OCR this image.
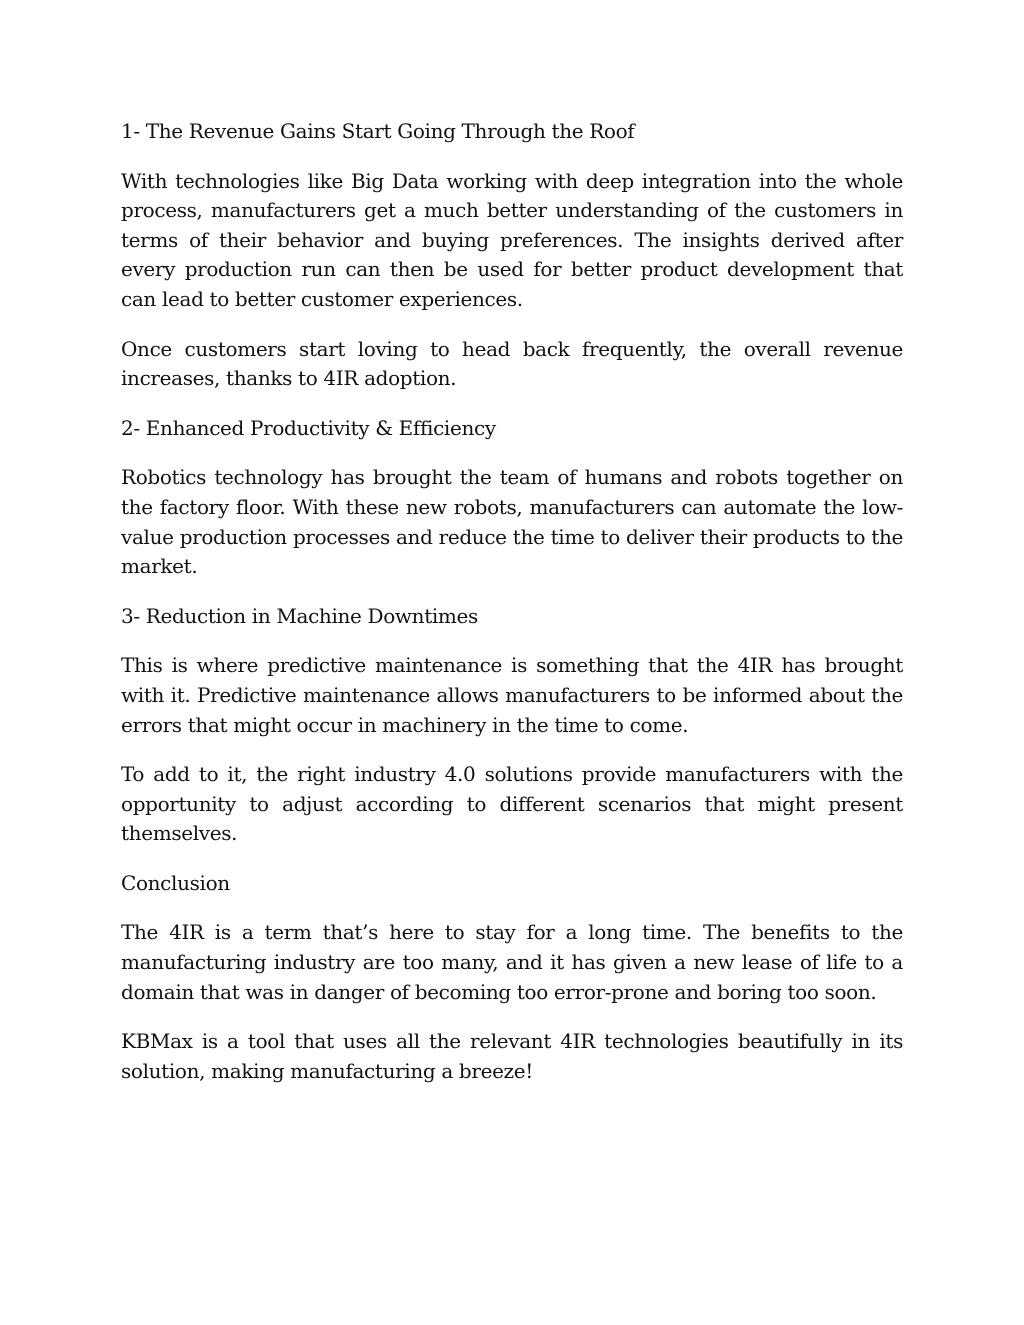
1- The Revenue Gains Start Going Through the Roof

With technologies like Big Data working with deep integration into the whole process, manufacturers get a much better understanding of the customers in terms of their behavior and buying preferences. The insights derived after every production run can then be used for better product development that can lead to better customer experiences.

Once customers start loving to head back frequently, the overall revenue increases, thanks to 4IR adoption.

2- Enhanced Productivity & Efficiency

Robotics technology has brought the team of humans and robots together on the factory floor. With these new robots, manufacturers can automate the low-value production processes and reduce the time to deliver their products to the market.

3- Reduction in Machine Downtimes

This is where predictive maintenance is something that the 4IR has brought with it. Predictive maintenance allows manufacturers to be informed about the errors that might occur in machinery in the time to come.

To add to it, the right industry 4.0 solutions provide manufacturers with the opportunity to adjust according to different scenarios that might present themselves.

Conclusion

The 4IR is a term that’s here to stay for a long time. The benefits to the manufacturing industry are too many, and it has given a new lease of life to a domain that was in danger of becoming too error-prone and boring too soon.

KBMax is a tool that uses all the relevant 4IR technologies beautifully in its solution, making manufacturing a breeze!
